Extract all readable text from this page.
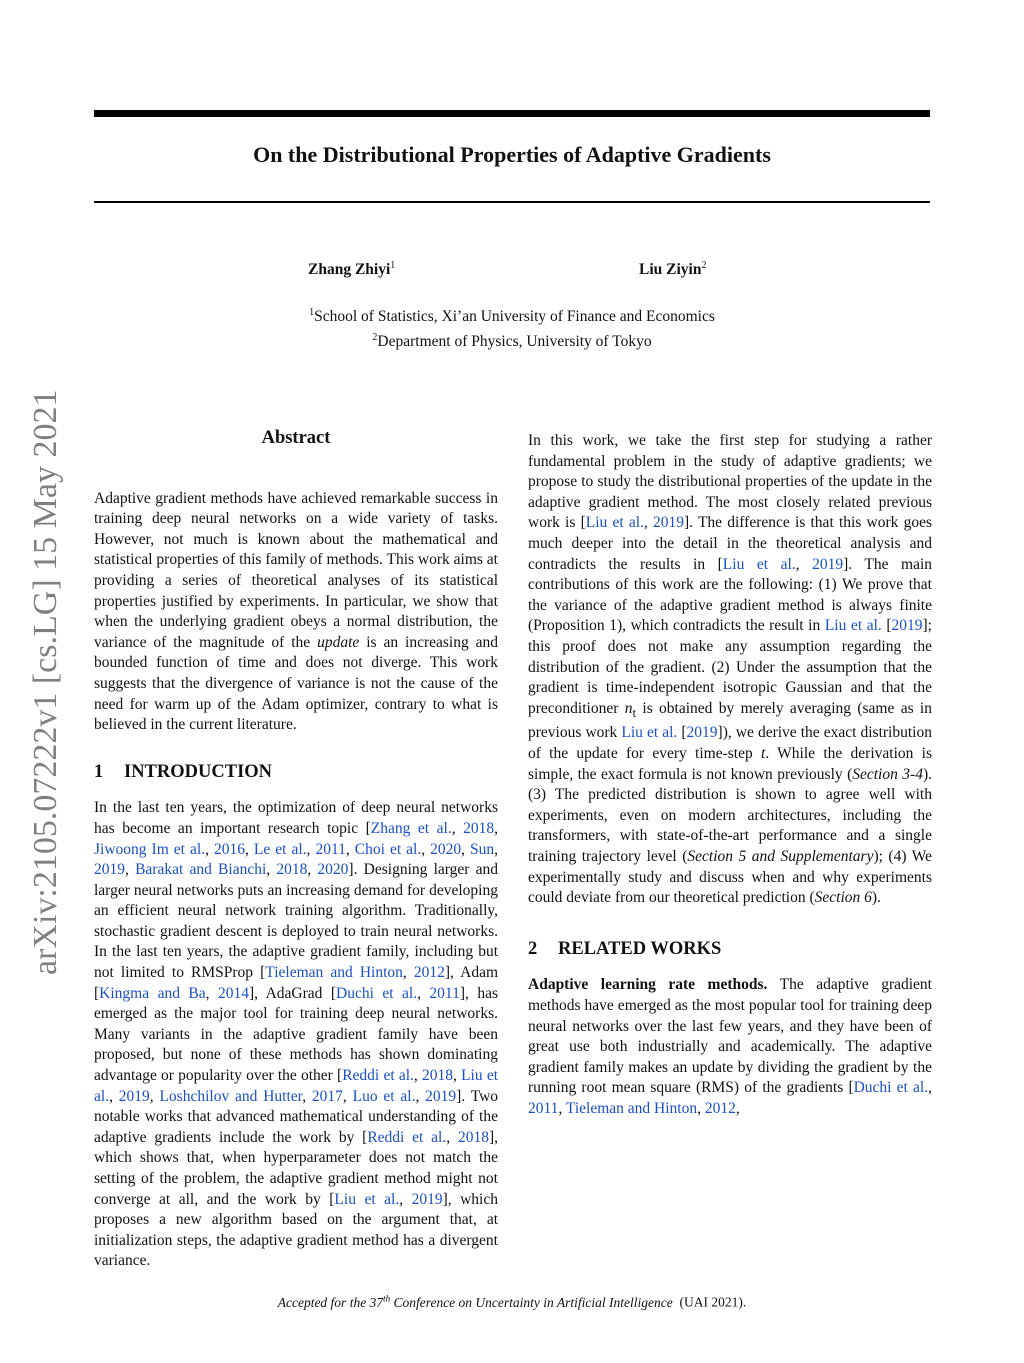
On the Distributional Properties of Adaptive Gradients
Zhang Zhiyi$^1$	Liu Ziyin$^2$
$^1$School of Statistics, Xi’an University of Finance and Economics
$^2$Department of Physics, University of Tokyo
arXiv:2105.07222v1 [cs.LG] 15 May 2021	Abstract
Adaptive gradient methods have achieved remarkable success in training deep neural networks on a wide variety of tasks. However, not much is known about the mathematical and statistical properties of this family of methods. This work aims at providing a series of theoretical analyses of its statistical properties justified by experiments. In particular, we show that when the underlying gradient obeys a normal distribution, the variance of the magnitude of the update is an increasing and bounded function of time and does not diverge. This work suggests that the divergence of variance is not the cause of the need for warm up of the Adam optimizer, contrary to what is believed in the current literature.
1 INTRODUCTION
In the last ten years, the optimization of deep neural networks has become an important research topic [Zhang et al., 2018, Jiwoong Im et al., 2016, Le et al., 2011, Choi et al., 2020, Sun, 2019, Barakat and Bianchi, 2018, 2020]. Designing larger and larger neural networks puts an increasing demand for developing an efficient neural network training algorithm. Traditionally, stochastic gradient descent is deployed to train neural networks. In the last ten years, the adaptive gradient family, including but not limited to RMSProp [Tieleman and Hinton, 2012], Adam [Kingma and Ba, 2014], AdaGrad [Duchi et al., 2011], has emerged as the major tool for training deep neural networks. Many variants in the adaptive gradient family have been proposed, but none of these methods has shown dominating advantage or popularity over the other [Reddi et al., 2018, Liu et al., 2019, Loshchilov and Hutter, 2017, Luo et al., 2019]. Two notable works that advanced mathematical understanding of the adaptive gradients include the work by [Reddi et al., 2018], which shows that, when hyperparameter does not match the setting of the problem, the adaptive gradient method might not converge at all, and the work by [Liu et al., 2019], which proposes a new algorithm based on the argument that, at initialization steps, the adaptive gradient method has a divergent variance.
In this work, we take the first step for studying a rather fundamental problem in the study of adaptive gradients; we propose to study the distributional properties of the update in the adaptive gradient method. The most closely related previous work is [Liu et al., 2019]. The difference is that this work goes much deeper into the detail in the theoretical analysis and contradicts the results in [Liu et al., 2019]. The main contributions of this work are the following: (1) We prove that the variance of the adaptive gradient method is always finite (Proposition 1), which contradicts the result in Liu et al. [2019]; this proof does not make any assumption regarding the distribution of the gradient. (2) Under the assumption that the gradient is time-independent isotropic Gaussian and that the preconditioner $n_t$ is obtained by merely averaging (same as in previous work Liu et al. [2019]), we derive the exact distribution of the update for every time-step t. While the derivation is simple, the exact formula is not known previously (Section 3-4). (3) The predicted distribution is shown to agree well with experiments, even on modern architectures, including the transformers, with state-of-the-art performance and a single training trajectory level (Section 5 and Supplementary); (4) We experimentally study and discuss when and why experiments could deviate from our theoretical prediction (Section 6).
2 RELATED WORKS
Adaptive learning rate methods. The adaptive gradient methods have emerged as the most popular tool for training deep neural networks over the last few years, and they have been of great use both industrially and academically. The adaptive gradient family makes an update by dividing the gradient by the running root mean square (RMS) of the gradients [Duchi et al., 2011, Tieleman and Hinton, 2012,
Accepted for the 37th Conference on Uncertainty in Artificial Intelligence (UAI 2021).
